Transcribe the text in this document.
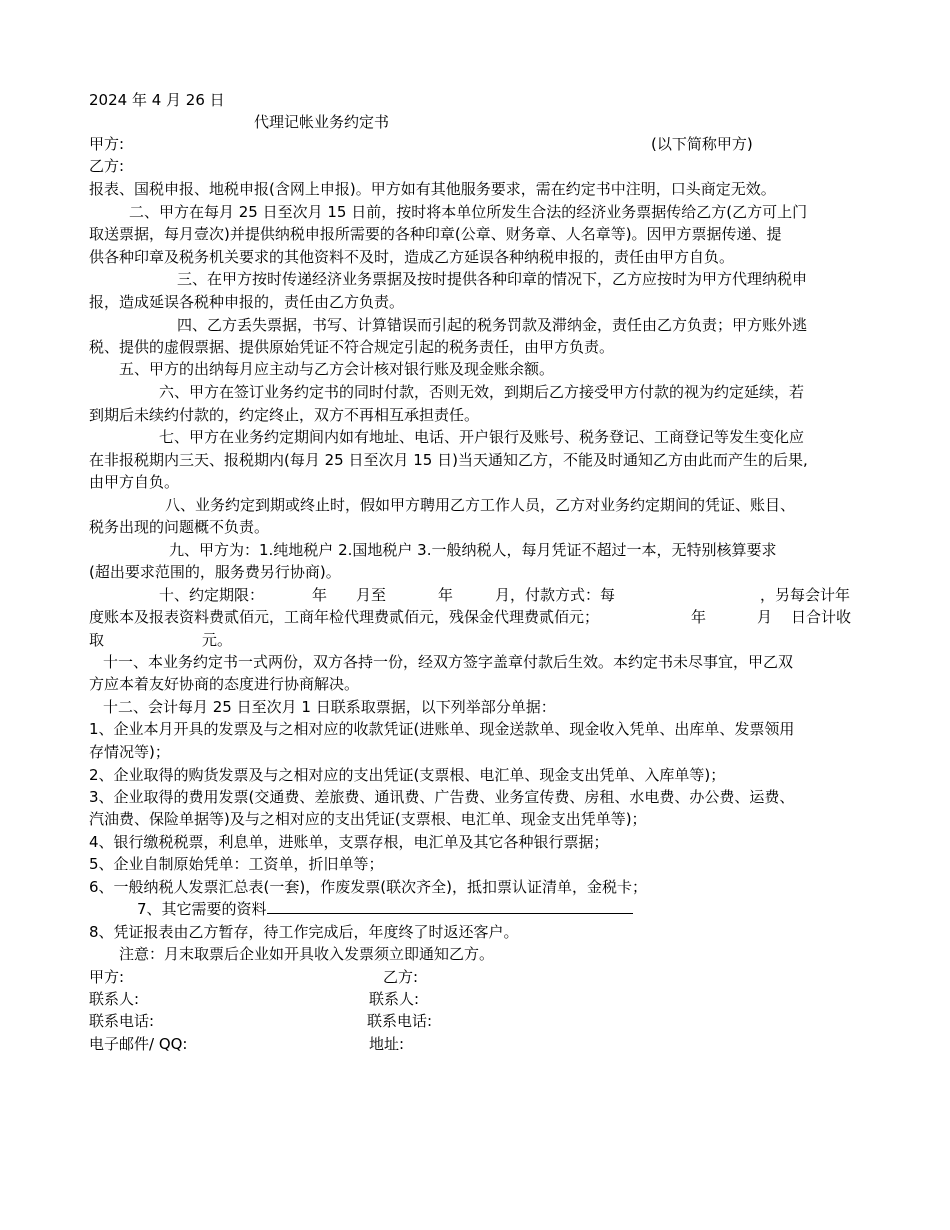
2024 年 4 月 26 日
代理记帐业务约定书
甲方:	(以下简称甲方)
乙方:
报表、国税申报、地税申报(含网上申报)。甲方如有其他服务要求，需在约定书中注明，口头商定无效。
二、甲方在每月 25 日至次月 15 日前，按时将本单位所发生合法的经济业务票据传给乙方(乙方可上门
取送票据，每月壹次)并提供纳税申报所需要的各种印章(公章、财务章、人名章等)。因甲方票据传递、提
供各种印章及税务机关要求的其他资料不及时，造成乙方延误各种纳税申报的，责任由甲方自负。
三、在甲方按时传递经济业务票据及按时提供各种印章的情况下，乙方应按时为甲方代理纳税申
报，造成延误各税种申报的，责任由乙方负责。
四、乙方丢失票据，书写、计算错误而引起的税务罚款及滞纳金，责任由乙方负责；甲方账外逃
税、提供的虚假票据、提供原始凭证不符合规定引起的税务责任，由甲方负责。
五、甲方的出纳每月应主动与乙方会计核对银行账及现金账余额。
六、甲方在签订业务约定书的同时付款，否则无效，到期后乙方接受甲方付款的视为约定延续，若
到期后未续约付款的，约定终止，双方不再相互承担责任。
七、甲方在业务约定期间内如有地址、电话、开户银行及账号、税务登记、工商登记等发生变化应
在非报税期内三天、报税期内(每月 25 日至次月 15 日)当天通知乙方，不能及时通知乙方由此而产生的后果,
由甲方自负。
八、业务约定到期或终止时，假如甲方聘用乙方工作人员，乙方对业务约定期间的凭证、账目、
税务出现的问题概不负责。
九、甲方为：1.纯地税户 2.国地税户 3.一般纳税人，每月凭证不超过一本，无特别核算要求
(超出要求范围的，服务费另行协商)。
十、约定期限：	年 月至	年	月，付款方式：每	，另每会计年
度账本及报表资料费贰佰元，工商年检代理费贰佰元，残保金代理费贰佰元；	年	月 日合计收
取	元。
十一、本业务约定书一式两份，双方各持一份，经双方签字盖章付款后生效。本约定书未尽事宜，甲乙双
方应本着友好协商的态度进行协商解决。
十二、会计每月 25 日至次月 1 日联系取票据，以下列举部分单据：
1、企业本月开具的发票及与之相对应的收款凭证(进账单、现金送款单、现金收入凭单、出库单、发票领用
存情况等)；
2、企业取得的购货发票及与之相对应的支出凭证(支票根、电汇单、现金支出凭单、入库单等)；
3、企业取得的费用发票(交通费、差旅费、通讯费、广告费、业务宣传费、房租、水电费、办公费、运费、
汽油费、保险单据等)及与之相对应的支出凭证(支票根、电汇单、现金支出凭单等)；
4、银行缴税税票，利息单，进账单，支票存根，电汇单及其它各种银行票据；
5、企业自制原始凭单：工资单，折旧单等；
6、一般纳税人发票汇总表(一套)，作废发票(联次齐全)，抵扣票认证清单，金税卡；
7、其它需要的资料
8、凭证报表由乙方暂存，待工作完成后，年度终了时返还客户。
注意：月末取票后企业如开具收入发票须立即通知乙方。
甲方:	乙方:
联系人:	联系人:
联系电话:	联系电话:
电子邮件/ QQ:	地址:
